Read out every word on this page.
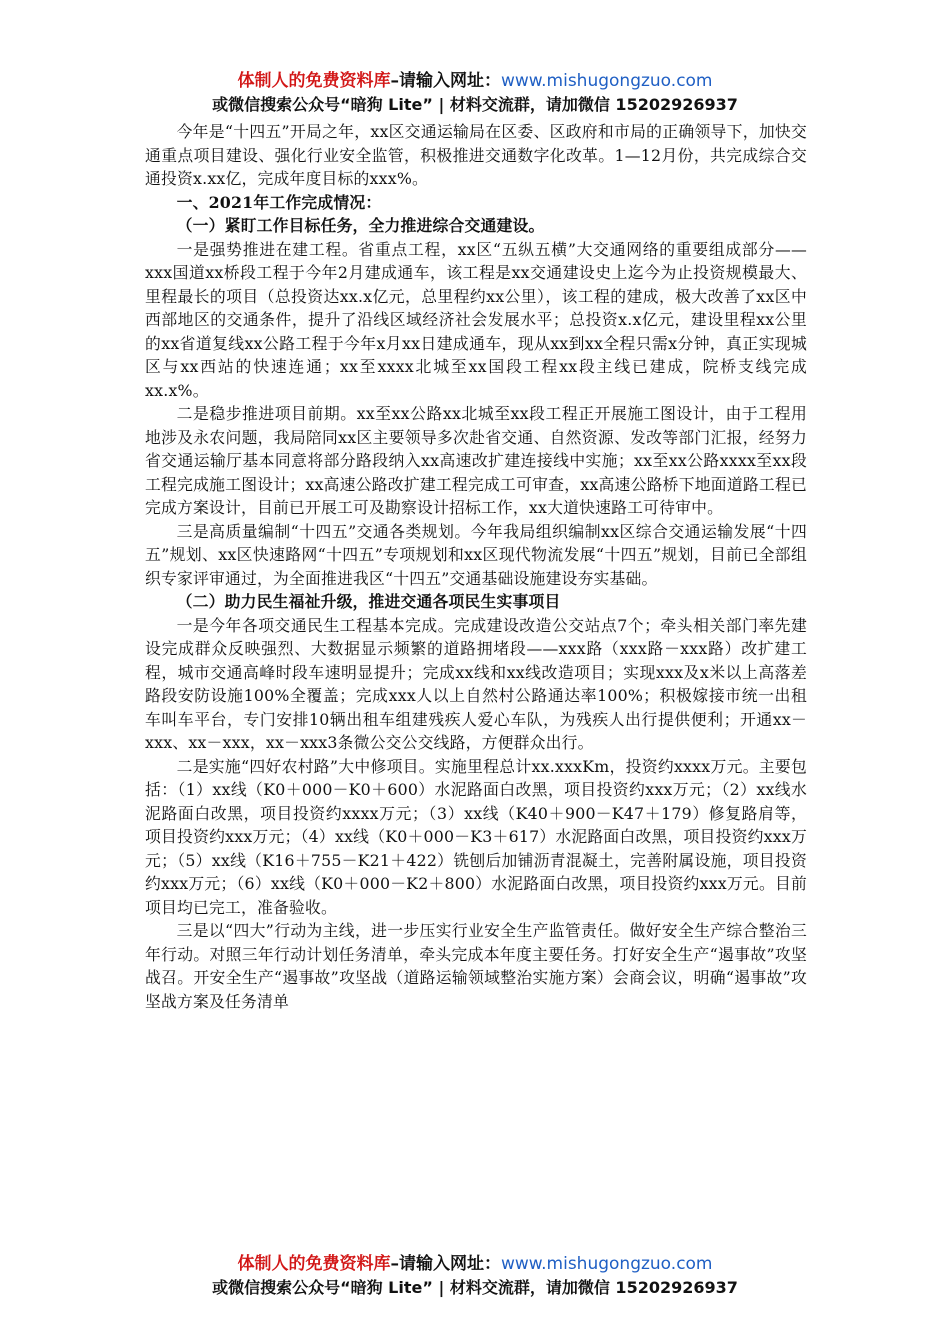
体制人的免费资料库–请输入网址：www.mishugongzuo.com
或微信搜索公众号“暗狗 Lite” | 材料交流群，请加微信 15202926937

今年是“十四五”开局之年，xx区交通运输局在区委、区政府和市局的正确领导下，加快交通重点项目建设、强化行业安全监管，积极推进交通数字化改革。1—12月份，共完成综合交通投资x.xx亿，完成年度目标的xxx%。

一、2021年工作完成情况：

（一）紧盯工作目标任务，全力推进综合交通建设。

一是强势推进在建工程。省重点工程，xx区“五纵五横”大交通网络的重要组成部分——xxx国道xx桥段工程于今年2月建成通车，该工程是xx交通建设史上迄今为止投资规模最大、里程最长的项目（总投资达xx.x亿元，总里程约xx公里），该工程的建成，极大改善了xx区中西部地区的交通条件，提升了沿线区域经济社会发展水平；总投资x.x亿元，建设里程xx公里的xx省道复线xx公路工程于今年x月xx日建成通车，现从xx到xx全程只需x分钟，真正实现城区与xx西站的快速连通；xx至xxxx北城至xx国段工程xx段主线已建成，院桥支线完成xx.x%。

二是稳步推进项目前期。xx至xx公路xx北城至xx段工程正开展施工图设计，由于工程用地涉及永农问题，我局陪同xx区主要领导多次赴省交通、自然资源、发改等部门汇报，经努力省交通运输厅基本同意将部分路段纳入xx高速改扩建连接线中实施；xx至xx公路xxxx至xx段工程完成施工图设计；xx高速公路改扩建工程完成工可审查，xx高速公路桥下地面道路工程已完成方案设计，目前已开展工可及勘察设计招标工作，xx大道快速路工可待审中。

三是高质量编制“十四五”交通各类规划。今年我局组织编制xx区综合交通运输发展“十四五”规划、xx区快速路网“十四五”专项规划和xx区现代物流发展“十四五”规划，目前已全部组织专家评审通过，为全面推进我区“十四五”交通基础设施建设夯实基础。

（二）助力民生福祉升级，推进交通各项民生实事项目

一是今年各项交通民生工程基本完成。完成建设改造公交站点7个；牵头相关部门率先建设完成群众反映强烈、大数据显示频繁的道路拥堵段——xxx路（xxx路－xxx路）改扩建工程，城市交通高峰时段车速明显提升；完成xx线和xx线改造项目；实现xxx及x米以上高落差路段安防设施100%全覆盖；完成xxx人以上自然村公路通达率100%；积极嫁接市统一出租车叫车平台，专门安排10辆出租车组建残疾人爱心车队，为残疾人出行提供便利；开通xx－xxx、xx－xxx，xx－xxx3条微公交公交线路，方便群众出行。

二是实施“四好农村路”大中修项目。实施里程总计xx.xxxKm，投资约xxxx万元。主要包括：（1）xx线（K0＋000－K0＋600）水泥路面白改黑，项目投资约xxx万元；（2）xx线水泥路面白改黑，项目投资约xxxx万元；（3）xx线（K40＋900－K47＋179）修复路肩等，项目投资约xxx万元；（4）xx线（K0＋000－K3＋617）水泥路面白改黑，项目投资约xxx万元；（5）xx线（K16＋755－K21＋422）铣刨后加铺沥青混凝土，完善附属设施，项目投资约xxx万元；（6）xx线（K0＋000－K2＋800）水泥路面白改黑，项目投资约xxx万元。目前项目均已完工，准备验收。

三是以“四大”行动为主线，进一步压实行业安全生产监管责任。做好安全生产综合整治三年行动。对照三年行动计划任务清单，牵头完成本年度主要任务。打好安全生产“遏事故”攻坚战召。开安全生产“遏事故”攻坚战（道路运输领域整治实施方案）会商会议，明确“遏事故”攻坚战方案及任务清单

体制人的免费资料库–请输入网址：www.mishugongzuo.com
或微信搜索公众号“暗狗 Lite” | 材料交流群，请加微信 15202926937
